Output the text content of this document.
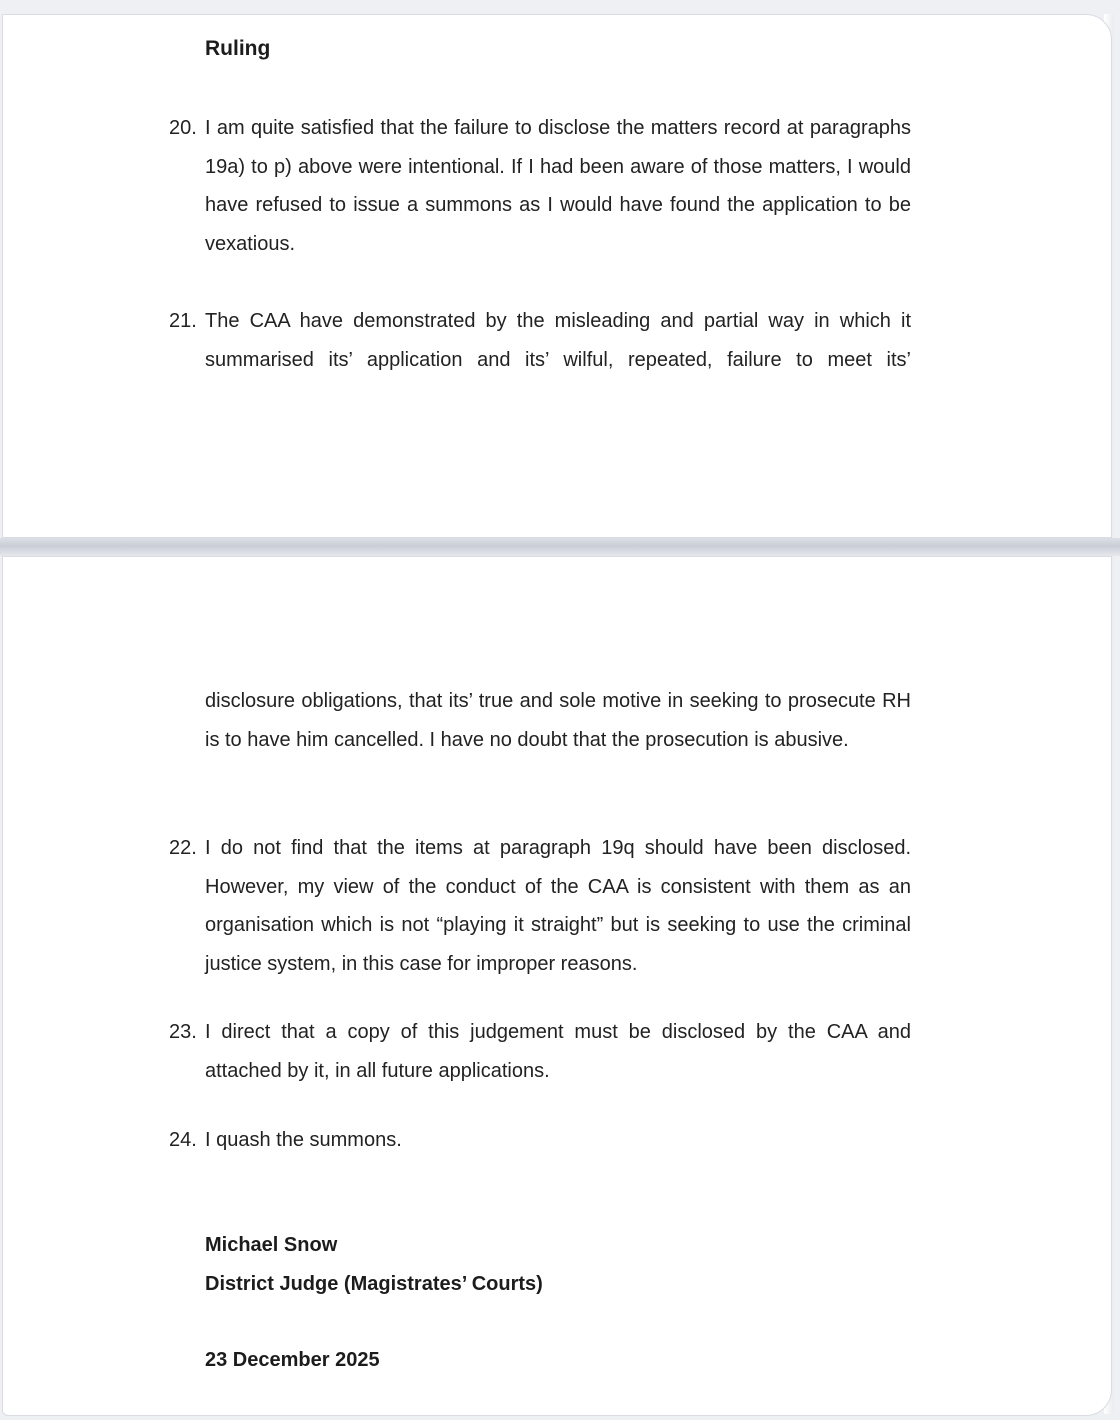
Ruling
20. I am quite satisfied that the failure to disclose the matters record at paragraphs 19a) to p) above were intentional. If I had been aware of those matters, I would have refused to issue a summons as I would have found the application to be vexatious.
21. The CAA have demonstrated by the misleading and partial way in which it summarised its’ application and its’ wilful, repeated, failure to meet its’
disclosure obligations, that its’ true and sole motive in seeking to prosecute RH is to have him cancelled. I have no doubt that the prosecution is abusive.
22. I do not find that the items at paragraph 19q should have been disclosed. However, my view of the conduct of the CAA is consistent with them as an organisation which is not “playing it straight” but is seeking to use the criminal justice system, in this case for improper reasons.
23. I direct that a copy of this judgement must be disclosed by the CAA and attached by it, in all future applications.
24. I quash the summons.
Michael Snow
District Judge (Magistrates’ Courts)
23 December 2025
